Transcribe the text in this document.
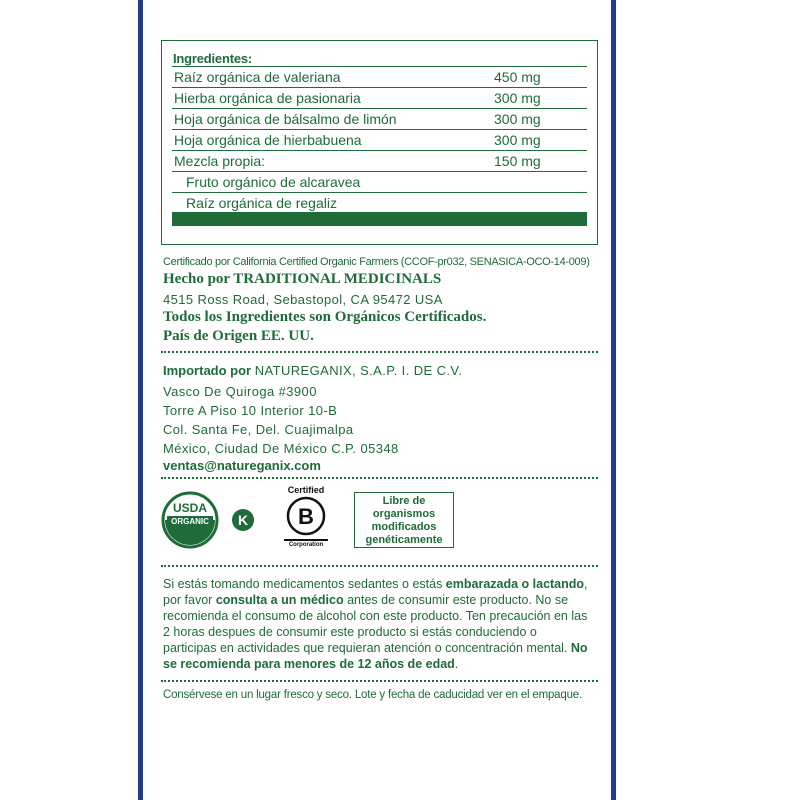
Ingredientes:
Raíz orgánica de valeriana	450 mg
Hierba orgánica de pasionaria	300 mg
Hoja orgánica de bálsalmo de limón	300 mg
Hoja orgánica de hierbabuena	300 mg
Mezcla propia:	150 mg
Fruto orgánico de alcaravea
Raíz orgánica de regaliz
Certificado por California Certified Organic Farmers (CCOF-pr032, SENASICA-OCO-14-009)
Hecho por TRADITIONAL MEDICINALS
4515 Ross Road, Sebastopol, CA 95472 USA
Todos los Ingredientes son Orgánicos Certificados.
País de Origen EE. UU.
Importado por NATUREGANIX, S.A.P. I. DE C.V.
Vasco De Quiroga #3900
Torre A Piso 10 Interior 10-B
Col. Santa Fe, Del. Cuajimalpa
México, Ciudad De México C.P. 05348
ventas@natureganix.com
USDA
ORGANIC	K
Certified
B
Corporation
Libre de organismos modificados genéticamente
Si estás tomando medicamentos sedantes o estás embarazada o lactando, por favor consulta a un médico antes de consumir este producto. No se recomienda el consumo de alcohol con este producto. Ten precaución en las 2 horas despues de consumir este producto si estás conduciendo o participas en actividades que requieran atención o concentración mental. No se recomienda para menores de 12 años de edad.
Consérvese en un lugar fresco y seco. Lote y fecha de caducidad ver en el empaque.
